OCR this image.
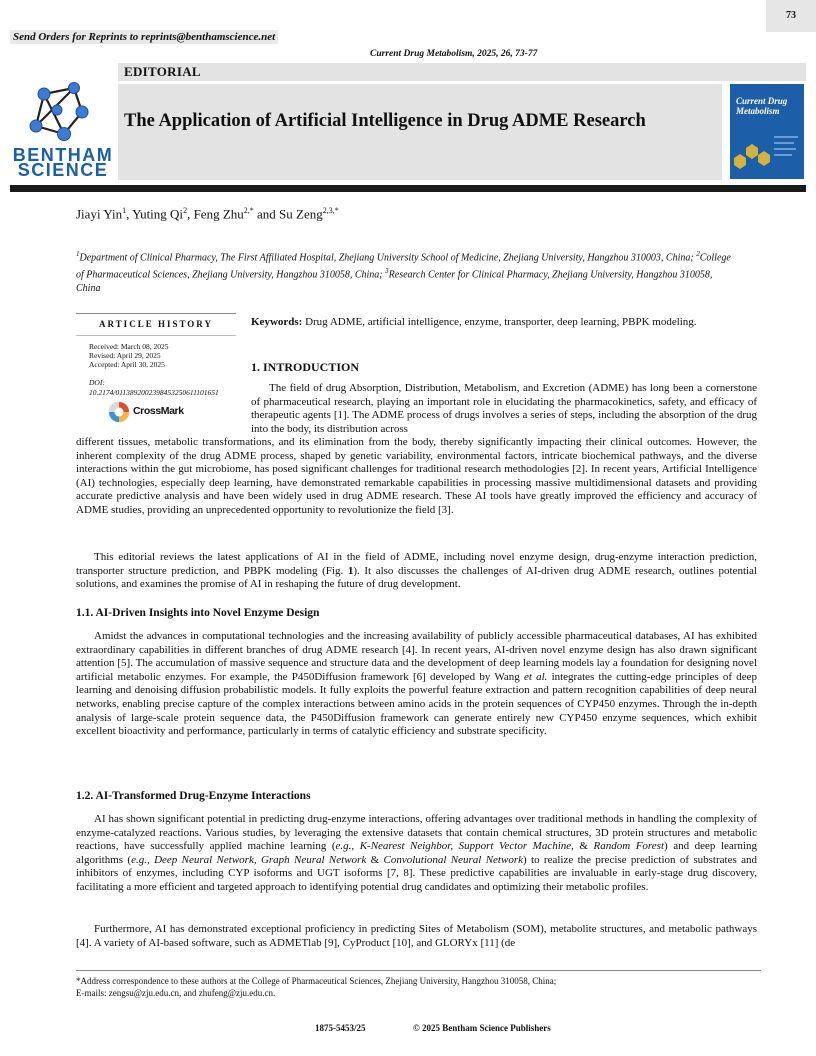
73
Send Orders for Reprints to reprints@benthamscience.net
Current Drug Metabolism, 2025, 26, 73-77
EDITORIAL
The Application of Artificial Intelligence in Drug ADME Research
BENTHAM
SCIENCE
Current Drug Metabolism
Jiayi Yin$^1$, Yuting Qi$^2$, Feng Zhu$^{2,*}$ and Su Zeng$^{2,3,*}$
$^1$Department of Clinical Pharmacy, The First Affiliated Hospital, Zhejiang University School of Medicine, Zhejiang University, Hangzhou 310003, China; $^2$College of Pharmaceutical Sciences, Zhejiang University, Hangzhou 310058, China; $^3$Research Center for Clinical Pharmacy, Zhejiang University, Hangzhou 310058, China
ARTICLE HISTORY
Received: March 08, 2025
Revised: April 29, 2025
Accepted: April 30, 2025
DOI:
10.2174/0113892002398453250611101651
CrossMark
Keywords: Drug ADME, artificial intelligence, enzyme, transporter, deep learning, PBPK modeling.
1. INTRODUCTION

The field of drug Absorption, Distribution, Metabolism, and Excretion (ADME) has long been a cornerstone of pharmaceutical research, playing an important role in elucidating the pharmacokinetics, safety, and efficacy of therapeutic agents [1]. The ADME process of drugs involves a series of steps, including the absorption of the drug into the body, its distribution across

different tissues, metabolic transformations, and its elimination from the body, thereby significantly impacting their clinical outcomes. However, the inherent complexity of the drug ADME process, shaped by genetic variability, environmental factors, intricate biochemical pathways, and the diverse interactions within the gut microbiome, has posed significant challenges for traditional research methodologies [2]. In recent years, Artificial Intelligence (AI) technologies, especially deep learning, have demonstrated remarkable capabilities in processing massive multidimensional datasets and providing accurate predictive analysis and have been widely used in drug ADME research. These AI tools have greatly improved the efficiency and accuracy of ADME studies, providing an unprecedented opportunity to revolutionize the field [3].

This editorial reviews the latest applications of AI in the field of ADME, including novel enzyme design, drug-enzyme interaction prediction, transporter structure prediction, and PBPK modeling (Fig. 1). It also discusses the challenges of AI-driven drug ADME research, outlines potential solutions, and examines the promise of AI in reshaping the future of drug development.

1.1. AI-Driven Insights into Novel Enzyme Design

Amidst the advances in computational technologies and the increasing availability of publicly accessible pharmaceutical databases, AI has exhibited extraordinary capabilities in different branches of drug ADME research [4]. In recent years, AI-driven novel enzyme design has also drawn significant attention [5]. The accumulation of massive sequence and structure data and the development of deep learning models lay a foundation for designing novel artificial metabolic enzymes. For example, the P450Diffusion framework [6] developed by Wang et al. integrates the cutting-edge principles of deep learning and denoising diffusion probabilistic models. It fully exploits the powerful feature extraction and pattern recognition capabilities of deep neural networks, enabling precise capture of the complex interactions between amino acids in the protein sequences of CYP450 enzymes. Through the in-depth analysis of large-scale protein sequence data, the P450Diffusion framework can generate entirely new CYP450 enzyme sequences, which exhibit excellent bioactivity and performance, particularly in terms of catalytic efficiency and substrate specificity.

1.2. AI-Transformed Drug-Enzyme Interactions

AI has shown significant potential in predicting drug-enzyme interactions, offering advantages over traditional methods in handling the complexity of enzyme-catalyzed reactions. Various studies, by leveraging the extensive datasets that contain chemical structures, 3D protein structures and metabolic reactions, have successfully applied machine learning (e.g., K-Nearest Neighbor, Support Vector Machine, & Random Forest) and deep learning algorithms (e.g., Deep Neural Network, Graph Neural Network & Convolutional Neural Network) to realize the precise prediction of substrates and inhibitors of enzymes, including CYP isoforms and UGT isoforms [7, 8]. These predictive capabilities are invaluable in early-stage drug discovery, facilitating a more efficient and targeted approach to identifying potential drug candidates and optimizing their metabolic profiles.

Furthermore, AI has demonstrated exceptional proficiency in predicting Sites of Metabolism (SOM), metabolite structures, and metabolic pathways [4]. A variety of AI-based software, such as ADMETlab [9], CyProduct [10], and GLORYx [11] (de

*Address correspondence to these authors at the College of Pharmaceutical Sciences, Zhejiang University, Hangzhou 310058, China;
E-mails: zengsu@zju.edu.cn, and zhufeng@zju.edu.cn.
1875-5453/25	© 2025 Bentham Science Publishers
